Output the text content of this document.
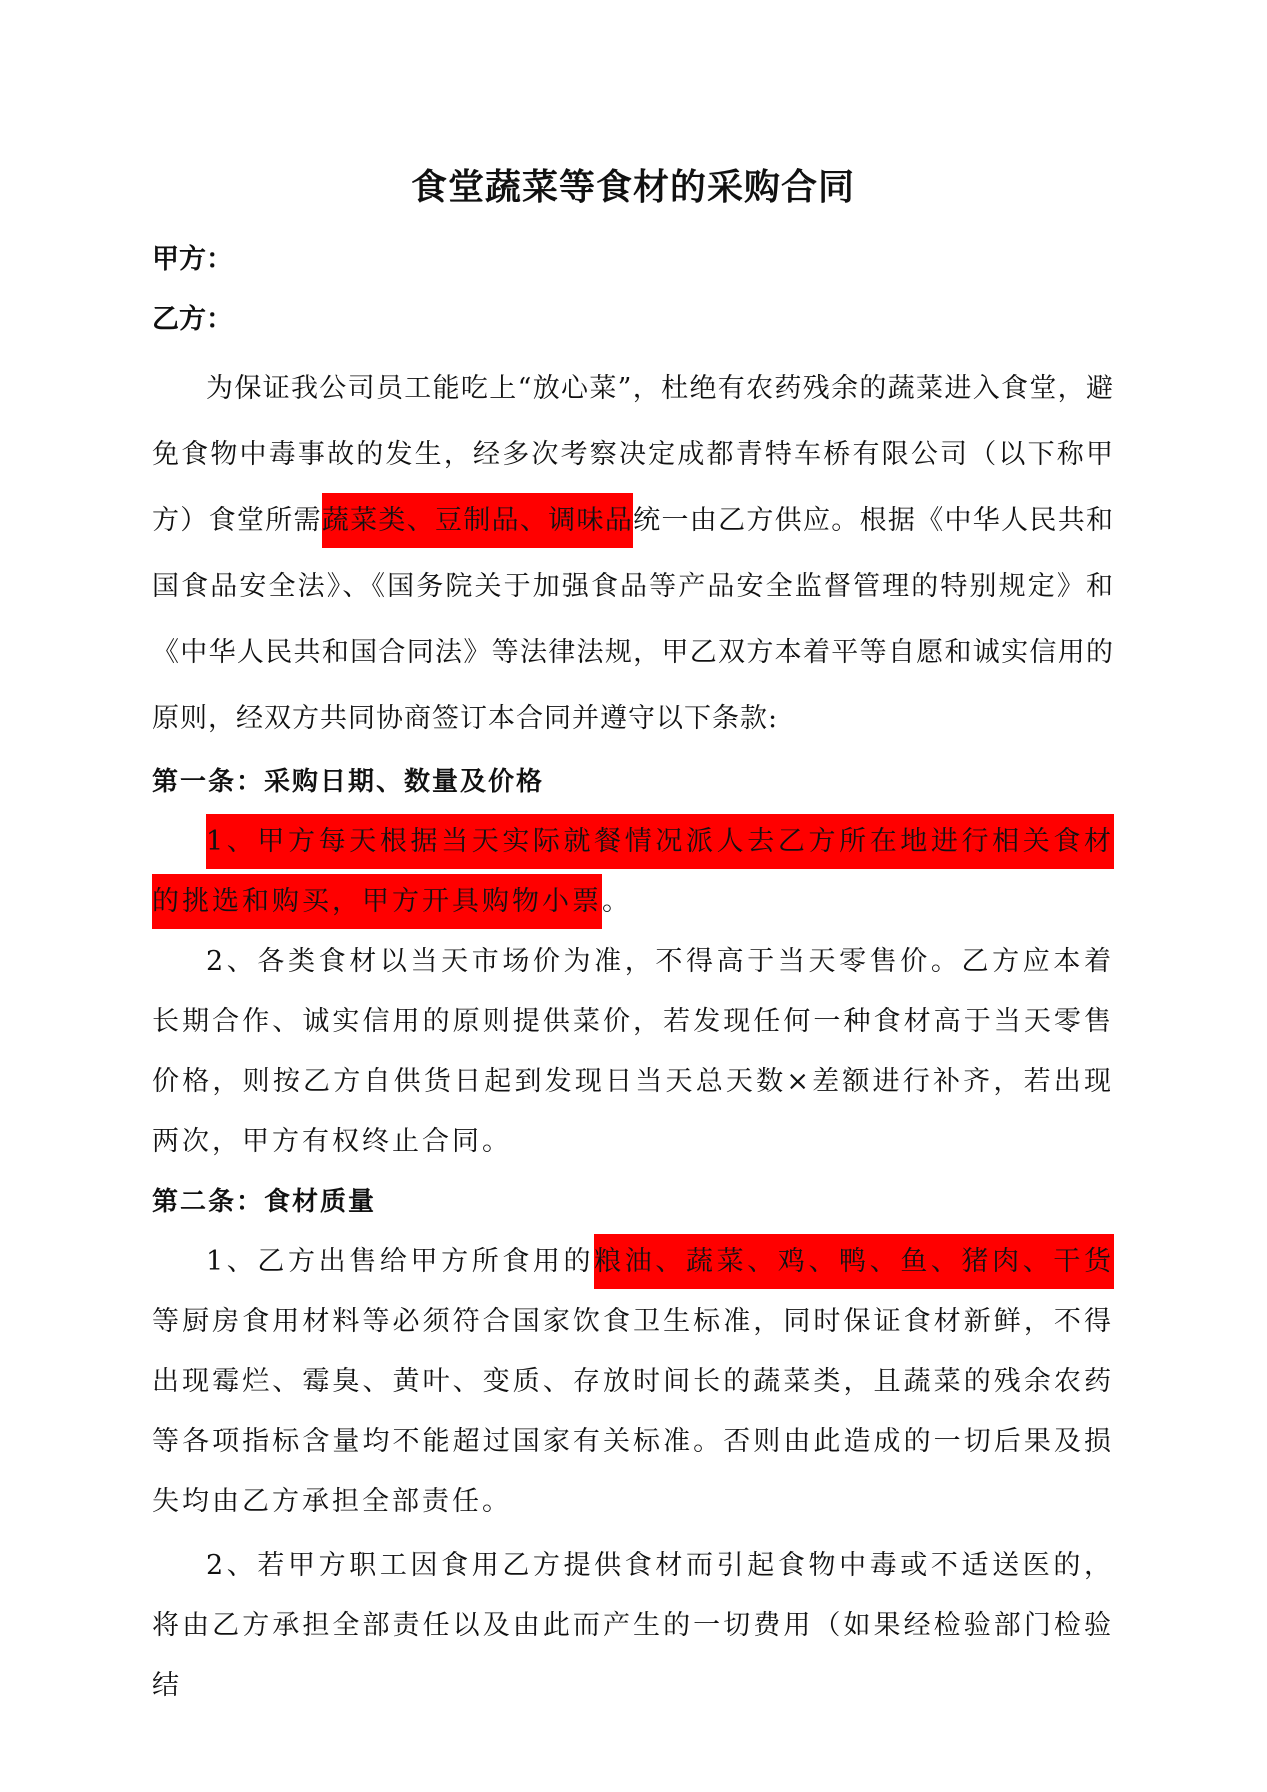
食堂蔬菜等食材的采购合同

甲方：

乙方：

为保证我公司员工能吃上“放心菜”，杜绝有农药残余的蔬菜进入食堂，避免食物中毒事故的发生，经多次考察决定成都青特车桥有限公司（以下称甲方）食堂所需蔬菜类、豆制品、调味品统一由乙方供应。根据《中华人民共和国食品安全法》、《国务院关于加强食品等产品安全监督管理的特别规定》和《中华人民共和国合同法》等法律法规，甲乙双方本着平等自愿和诚实信用的原则，经双方共同协商签订本合同并遵守以下条款:

第一条：采购日期、数量及价格

1、甲方每天根据当天实际就餐情况派人去乙方所在地进行相关食材的挑选和购买，甲方开具购物小票。

2、各类食材以当天市场价为准，不得高于当天零售价。乙方应本着长期合作、诚实信用的原则提供菜价，若发现任何一种食材高于当天零售价格，则按乙方自供货日起到发现日当天总天数×差额进行补齐，若出现两次，甲方有权终止合同。

第二条：食材质量

1、乙方出售给甲方所食用的粮油、蔬菜、鸡、鸭、鱼、猪肉、干货等厨房食用材料等必须符合国家饮食卫生标准，同时保证食材新鲜，不得出现霉烂、霉臭、黄叶、变质、存放时间长的蔬菜类，且蔬菜的残余农药等各项指标含量均不能超过国家有关标准。否则由此造成的一切后果及损失均由乙方承担全部责任。

2、若甲方职工因食用乙方提供食材而引起食物中毒或不适送医的，将由乙方承担全部责任以及由此而产生的一切费用（如果经检验部门检验结
